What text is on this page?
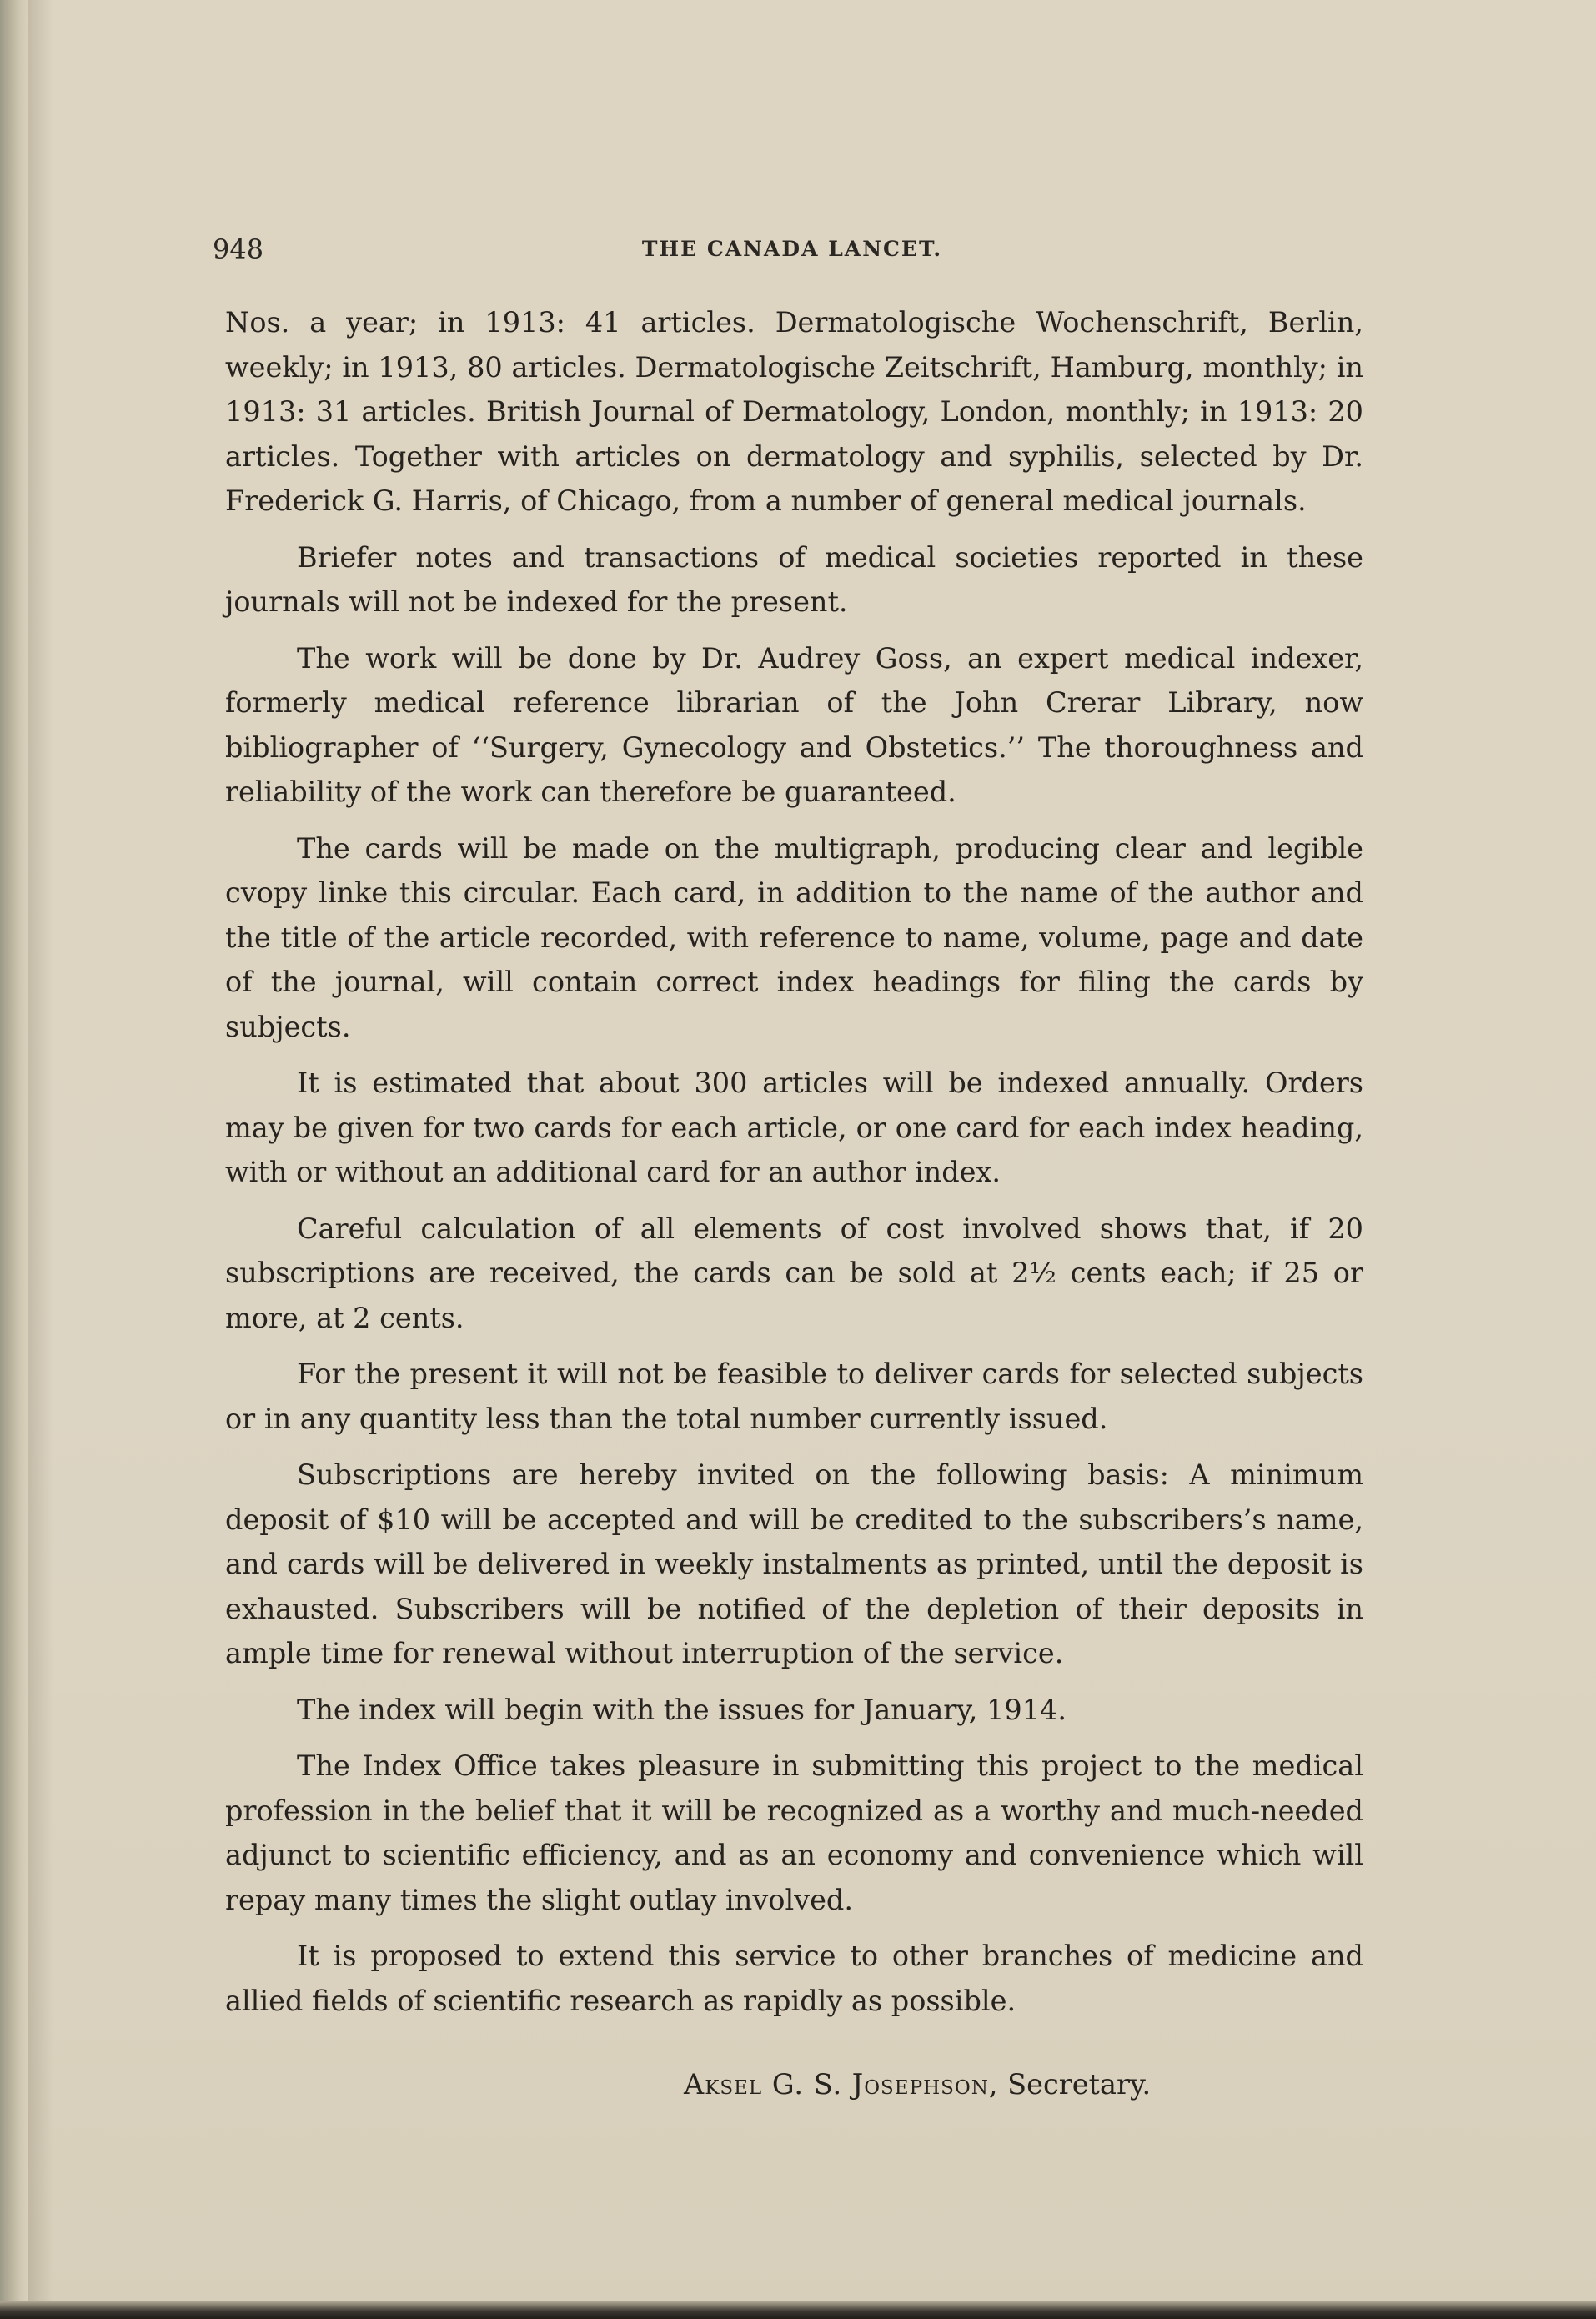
948	THE CANADA LANCET.

Nos. a year; in 1913: 41 articles. Dermatologische Wochenschrift, Berlin, weekly; in 1913, 80 articles. Dermatologische Zeitschrift, Hamburg, monthly; in 1913: 31 articles. British Journal of Dermatology, London, monthly; in 1913: 20 articles. Together with articles on dermatology and syphilis, selected by Dr. Frederick G. Harris, of Chicago, from a number of general medical journals.

Briefer notes and transactions of medical societies reported in these journals will not be indexed for the present.

The work will be done by Dr. Audrey Goss, an expert medical indexer, formerly medical reference librarian of the John Crerar Library, now bibliographer of ‘‘Surgery, Gynecology and Obstetics.’’ The thoroughness and reliability of the work can therefore be guaranteed.

The cards will be made on the multigraph, producing clear and legible cvopy linke this circular. Each card, in addition to the name of the author and the title of the article recorded, with reference to name, volume, page and date of the journal, will contain correct index headings for filing the cards by subjects.

It is estimated that about 300 articles will be indexed annually. Orders may be given for two cards for each article, or one card for each index heading, with or without an additional card for an author index.

Careful calculation of all elements of cost involved shows that, if 20 subscriptions are received, the cards can be sold at 2½ cents each; if 25 or more, at 2 cents.

For the present it will not be feasible to deliver cards for selected subjects or in any quantity less than the total number currently issued.

Subscriptions are hereby invited on the following basis: A minimum deposit of $10 will be accepted and will be credited to the subscribers’s name, and cards will be delivered in weekly instalments as printed, until the deposit is exhausted. Subscribers will be notified of the depletion of their deposits in ample time for renewal without interruption of the service.

The index will begin with the issues for January, 1914.

The Index Office takes pleasure in submitting this project to the medical profession in the belief that it will be recognized as a worthy and much-needed adjunct to scientific efficiency, and as an economy and convenience which will repay many times the slight outlay involved.

It is proposed to extend this service to other branches of medicine and allied fields of scientific research as rapidly as possible.

Aksel G. S. Josephson, Secretary.
